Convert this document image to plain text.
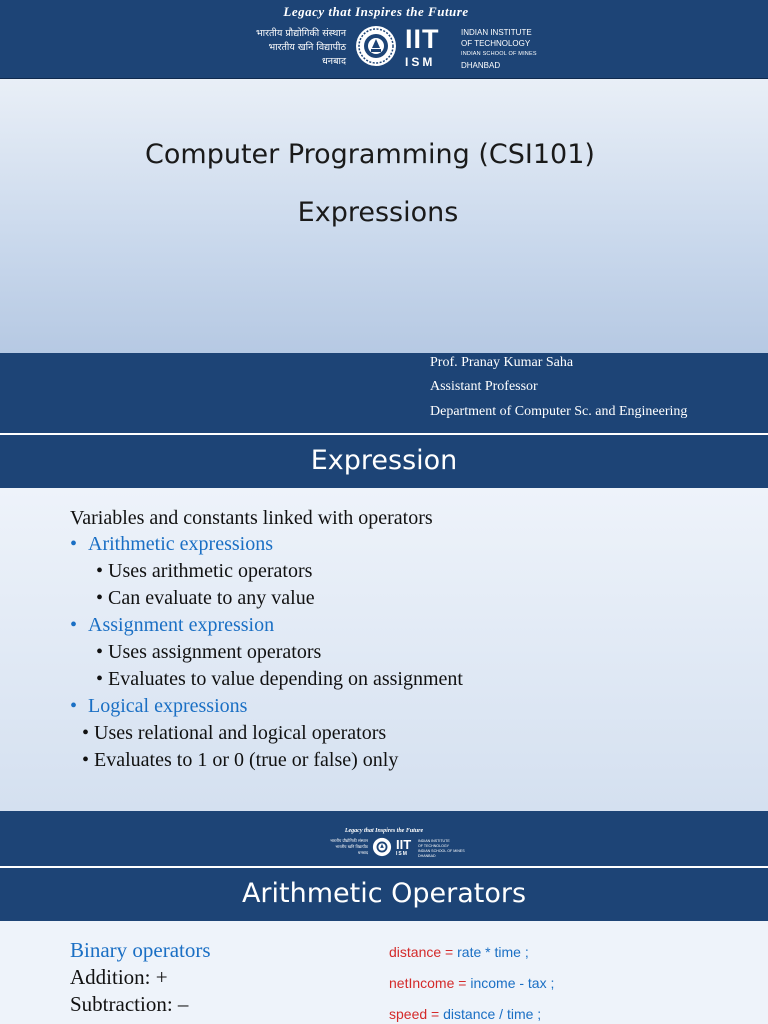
Legacy that Inspires the Future
भारतीय प्रौद्योगिकी संस्थान
भारतीय खनि विद्यापीठ
धनबाद
IIT
ISM
INDIAN INSTITUTE
OF TECHNOLOGY
INDIAN SCHOOL OF MINES
DHANBAD
Computer Programming (CSI101)
Expressions
Prof. Pranay Kumar Saha
Assistant Professor
Department of Computer Sc. and Engineering
Expression
Variables and constants linked with operators
• Arithmetic expressions
• Uses arithmetic operators
• Can evaluate to any value
• Assignment expression
• Uses assignment operators
• Evaluates to value depending on assignment
• Logical expressions
• Uses relational and logical operators
• Evaluates to 1 or 0 (true or false) only
Legacy that Inspires the Future
भारतीय प्रौद्योगिकी संस्थान
भारतीय खनि विद्यापीठ
धनबाद
IIT
ISM
INDIAN INSTITUTE
OF TECHNOLOGY
INDIAN SCHOOL OF MINES
DHANBAD
Arithmetic Operators
Binary operators
Addition: +
Subtraction: –
distance = rate * time ;
netIncome = income - tax ;
speed = distance / time ;
